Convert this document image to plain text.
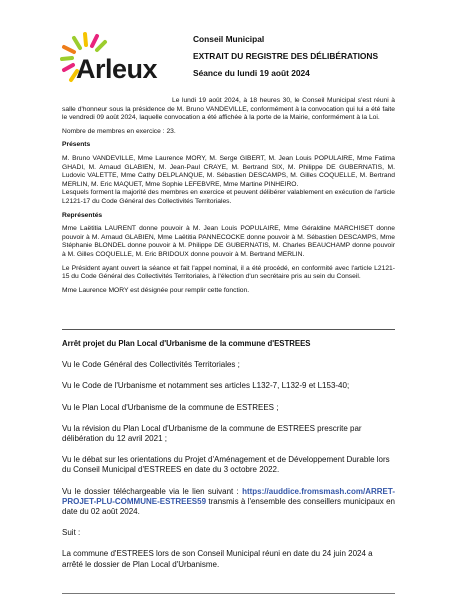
Arleux
Conseil Municipal
EXTRAIT DU REGISTRE DES DÉLIBÉRATIONS
Séance du lundi 19 août 2024

Le lundi 19 août 2024, à 18 heures 30, le Conseil Municipal s'est réuni à salle d'honneur sous la présidence de M. Bruno VANDEVILLE, conformément à la convocation qui lui a été faite le vendredi 09 août 2024, laquelle convocation a été affichée à la porte de la Mairie, conformément à la Loi.

Nombre de membres en exercice : 23.

Présents

M. Bruno VANDEVILLE, Mme Laurence MORY, M. Serge GIBERT, M. Jean Louis POPULAIRE, Mme Fatima GHADI, M. Arnaud GLABIEN, M. Jean-Paul CRAYE, M. Bertrand SIX, M. Philippe DE GUBERNATIS, M. Ludovic VALETTE, Mme Cathy DELPLANQUE, M. Sébastien DESCAMPS, M. Gilles COQUELLE, M. Bertrand MERLIN, M. Eric MAQUET, Mme Sophie LEFEBVRE, Mme Martine PINHEIRO.

Lesquels forment la majorité des membres en exercice et peuvent délibérer valablement en exécution de l'article L2121-17 du Code Général des Collectivités Territoriales.

Représentés

Mme Laëtitia LAURENT donne pouvoir à M. Jean Louis POPULAIRE, Mme Géraldine MARCHISET donne pouvoir à M. Arnaud GLABIEN, Mme Laëtitia PANNECOCKE donne pouvoir à M. Sébastien DESCAMPS, Mme Stéphanie BLONDEL donne pouvoir à M. Philippe DE GUBERNATIS, M. Charles BEAUCHAMP donne pouvoir à M. Gilles COQUELLE, M. Eric BRIDOUX donne pouvoir à M. Bertrand MERLIN.

Le Président ayant ouvert la séance et fait l'appel nominal, il a été procédé, en conformité avec l'article L2121-15 du Code Général des Collectivités Territoriales, à l'élection d'un secrétaire pris au sein du Conseil.

Mme Laurence MORY est désignée pour remplir cette fonction.

Arrêt projet du Plan Local d'Urbanisme de la commune d'ESTREES
Vu le Code Général des Collectivités Territoriales ;
Vu le Code de l'Urbanisme et notamment ses articles L132-7, L132-9 et L153-40;
Vu le Plan Local d'Urbanisme de la commune de ESTREES ;
Vu la révision du Plan Local d'Urbanisme de la commune de ESTREES prescrite par délibération du 12 avril 2021 ;
Vu le débat sur les orientations du Projet d'Aménagement et de Développement Durable lors du Conseil Municipal d'ESTREES en date du 3 octobre 2022.
Vu le dossier téléchargeable via le lien suivant : https://auddice.fromsmash.com/ARRET-PROJET-PLU-COMMUNE-ESTREES59 transmis à l'ensemble des conseillers municipaux en date du 02 août 2024.
Suit :
La commune d'ESTREES lors de son Conseil Municipal réuni en date du 24 juin 2024 a arrêté le dossier de Plan Local d'Urbanisme.
